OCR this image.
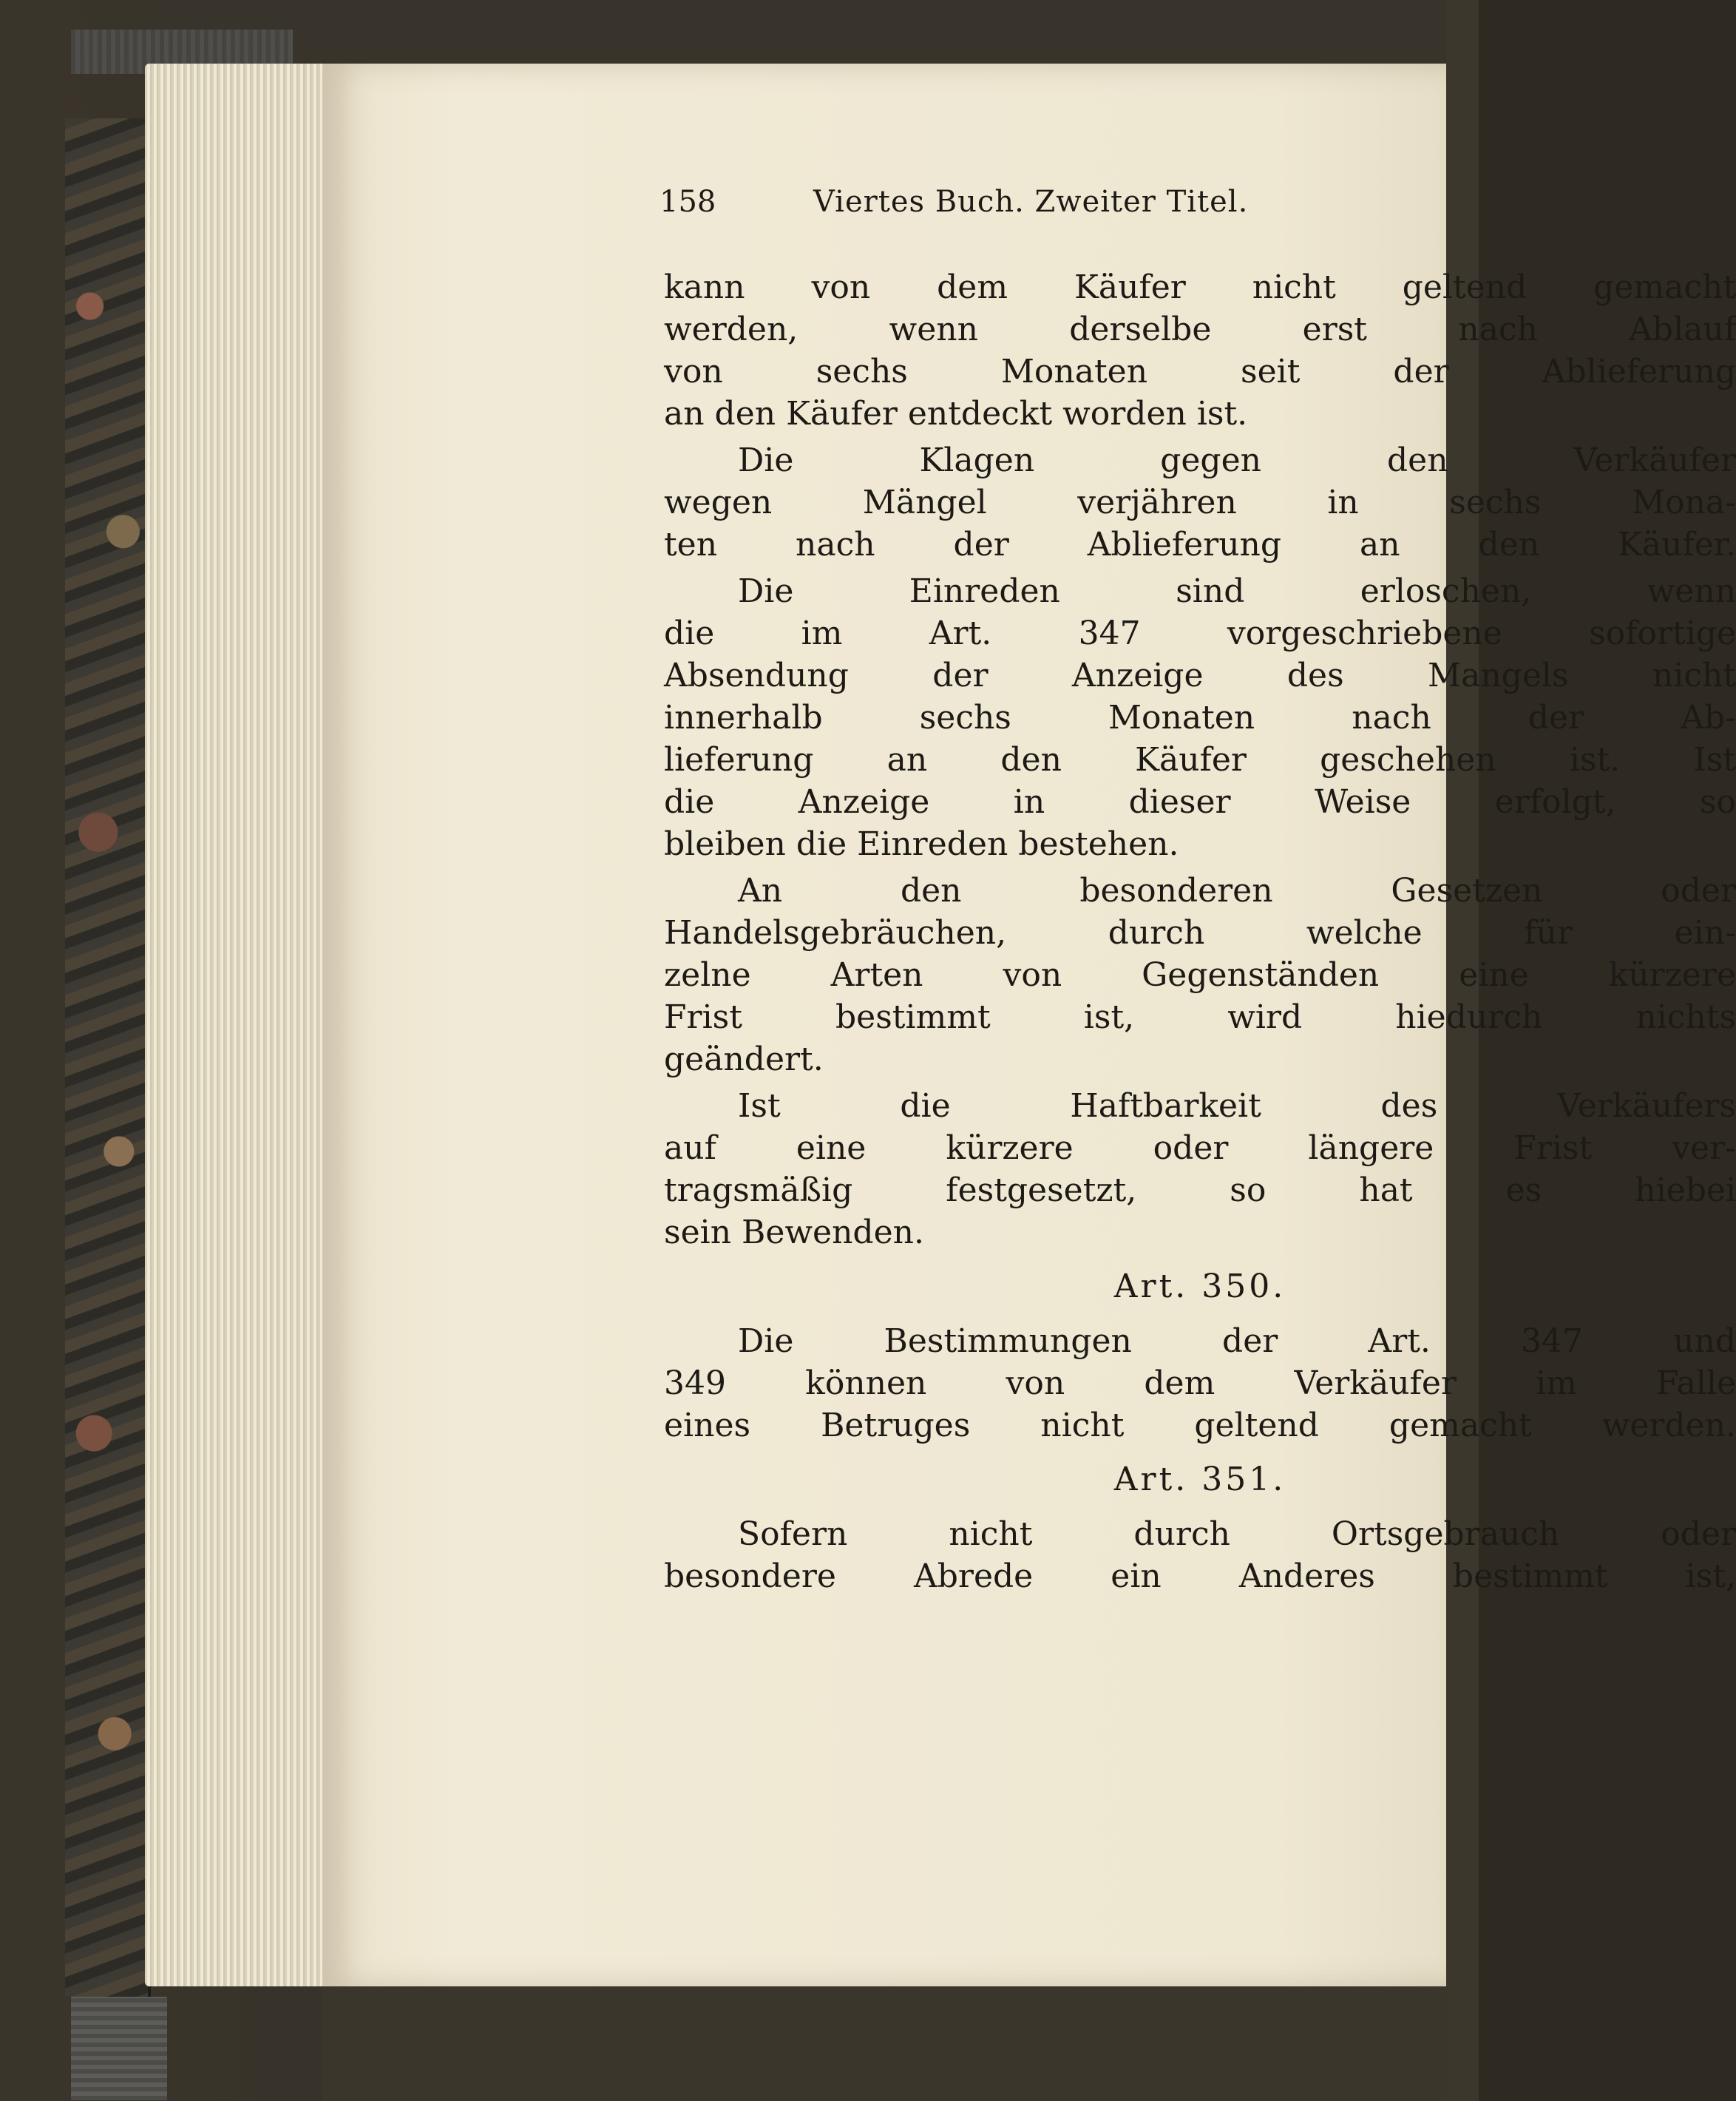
158	Viertes Buch. Zweiter Titel.
kann von dem Käufer nicht geltend gemacht
werden, wenn derselbe erst nach Ablauf
von sechs Monaten seit der Ablieferung
an den Käufer entdeckt worden ist.
Die Klagen gegen den Verkäufer
wegen Mängel verjähren in sechs Mona-
ten nach der Ablieferung an den Käufer.
Die Einreden sind erloschen, wenn
die im Art. 347 vorgeschriebene sofortige
Absendung der Anzeige des Mangels nicht
innerhalb sechs Monaten nach der Ab-
lieferung an den Käufer geschehen ist. Ist
die Anzeige in dieser Weise erfolgt, so
bleiben die Einreden bestehen.
An den besonderen Gesetzen oder
Handelsgebräuchen, durch welche für ein-
zelne Arten von Gegenständen eine kürzere
Frist bestimmt ist, wird hiedurch nichts
geändert.
Ist die Haftbarkeit des Verkäufers
auf eine kürzere oder längere Frist ver-
tragsmäßig festgesetzt, so hat es hiebei
sein Bewenden.
Art. 350.
Die Bestimmungen der Art. 347 und
349 können von dem Verkäufer im Falle
eines Betruges nicht geltend gemacht werden.
Art. 351.
Sofern nicht durch Ortsgebrauch oder
besondere Abrede ein Anderes bestimmt ist,
